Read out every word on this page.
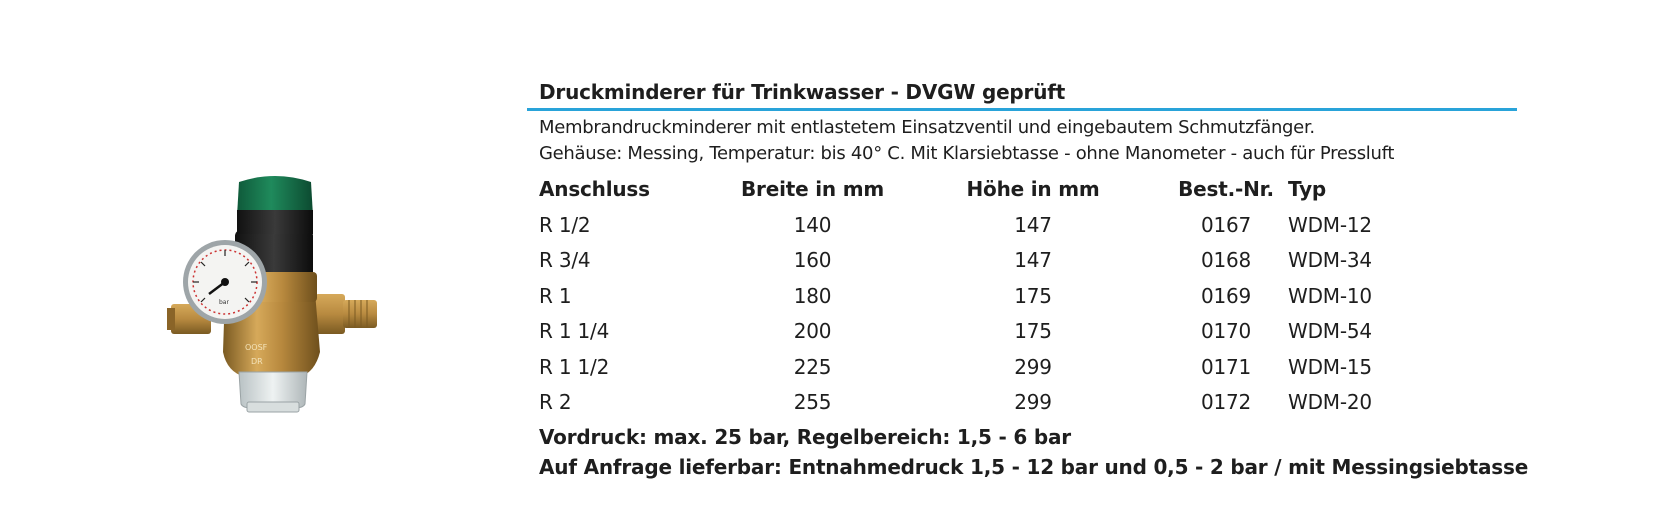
OOSF
DR
bar
Druckminderer für Trinkwasser - DVGW geprüft
Membrandruckminderer mit entlastetem Einsatzventil und eingebautem Schmutzfänger.
Gehäuse: Messing, Temperatur: bis 40° C. Mit Klarsiebtasse - ohne Manometer - auch für Pressluft
Anschluss	Breite in mm	Höhe in mm	Best.-Nr.	Typ
R 1/2	140	147	0167	WDM-12
R 3/4	160	147	0168	WDM-34
R 1	180	175	0169	WDM-10
R 1 1/4	200	175	0170	WDM-54
R 1 1/2	225	299	0171	WDM-15
R 2	255	299	0172	WDM-20
Vordruck: max. 25 bar, Regelbereich: 1,5 - 6 bar
Auf Anfrage lieferbar: Entnahmedruck 1,5 - 12 bar und 0,5 - 2 bar / mit Messingsiebtasse
